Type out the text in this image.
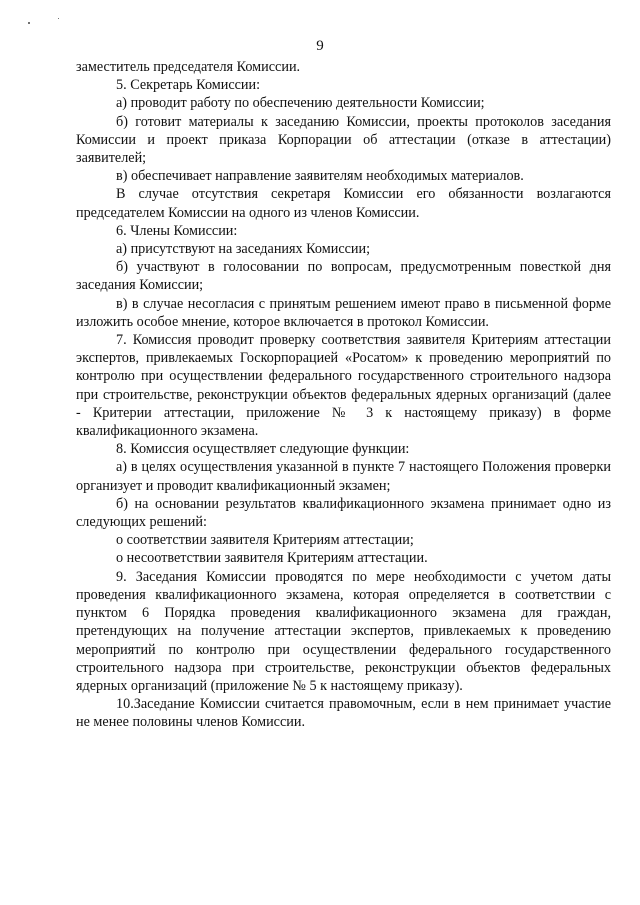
9

заместитель председателя Комиссии.

5. Секретарь Комиссии:

а) проводит работу по обеспечению деятельности Комиссии;

б) готовит материалы к заседанию Комиссии, проекты протоколов заседания Комиссии и проект приказа Корпорации об аттестации (отказе в аттестации) заявителей;

в) обеспечивает направление заявителям необходимых материалов.

В случае отсутствия секретаря Комиссии его обязанности возлагаются председателем Комиссии на одного из членов Комиссии.

6. Члены Комиссии:

а) присутствуют на заседаниях Комиссии;

б) участвуют в голосовании по вопросам, предусмотренным повесткой дня заседания Комиссии;

в) в случае несогласия с принятым решением имеют право в письменной форме изложить особое мнение, которое включается в протокол Комиссии.

7. Комиссия проводит проверку соответствия заявителя Критериям аттестации экспертов, привлекаемых Госкорпорацией «Росатом» к проведению мероприятий по контролю при осуществлении федерального государственного строительного надзора при строительстве, реконструкции объектов федеральных ядерных организаций (далее - Критерии аттестации, приложение № 3 к настоящему приказу) в форме квалификационного экзамена.

8. Комиссия осуществляет следующие функции:

а) в целях осуществления указанной в пункте 7 настоящего Положения проверки организует и проводит квалификационный экзамен;

б) на основании результатов квалификационного экзамена принимает одно из следующих решений:

о соответствии заявителя Критериям аттестации;

о несоответствии заявителя Критериям аттестации.

9. Заседания Комиссии проводятся по мере необходимости с учетом даты проведения квалификационного экзамена, которая определяется в соответствии с пунктом 6 Порядка проведения квалификационного экзамена для граждан, претендующих на получение аттестации экспертов, привлекаемых к проведению мероприятий по контролю при осуществлении федерального государственного строительного надзора при строительстве, реконструкции объектов федеральных ядерных организаций (приложение № 5 к настоящему приказу).

10.Заседание Комиссии считается правомочным, если в нем принимает участие не менее половины членов Комиссии.
